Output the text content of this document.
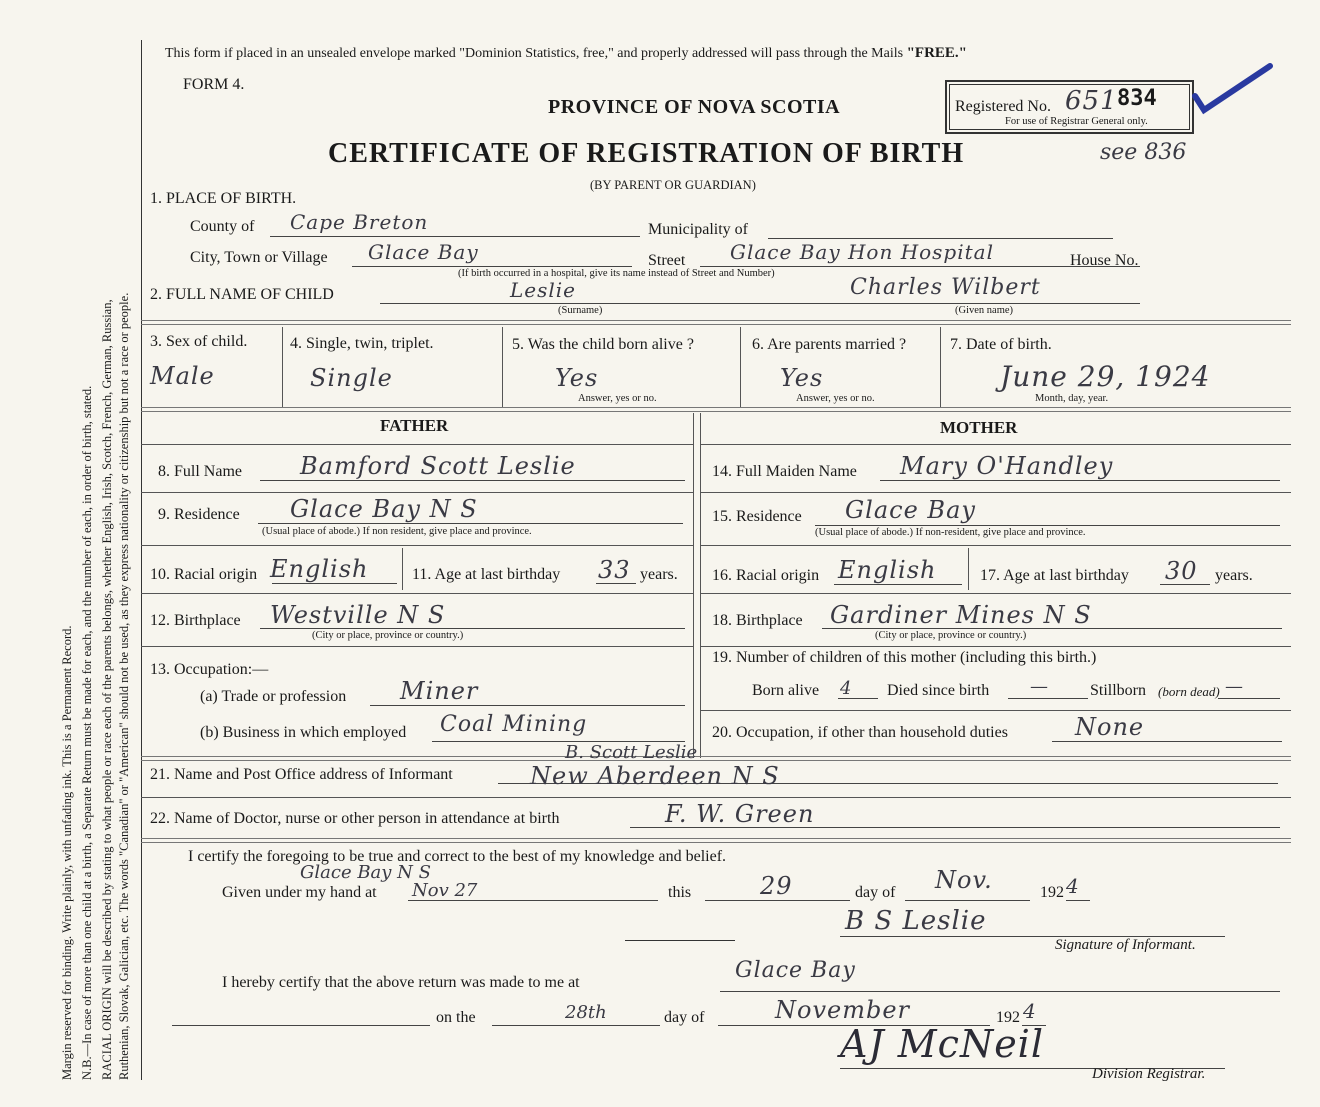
Margin reserved for binding. Write plainly, with unfading ink. This is a Permanent Record. N.B.—In case of more than one child at a birth, a Separate Return must be made for each, and the number of each, in order of birth, stated. RACIAL ORIGIN will be described by stating to what people or race each of the parents belongs, whether English, Irish, Scotch, French, German, Russian, Ruthenian, Slovak, Galician, etc. The words "Canadian" or "American" should not be used, as they express nationality or citizenship but not a race or people.
This form if placed in an unsealed envelope marked "Dominion Statistics, free," and properly addressed will pass through the Mails "FREE."
FORM 4.
PROVINCE OF NOVA SCOTIA	Registered No. 651 834
For use of Registrar General only.
CERTIFICATE OF REGISTRATION OF BIRTH	see 836
(BY PARENT OR GUARDIAN)
1. PLACE OF BIRTH.
County of Cape Breton	Municipality of
City, Town or Village Glace Bay	Street Glace Bay Hon Hospital	House No.
(If birth occurred in a hospital, give its name instead of Street and Number)
2. FULL NAME OF CHILD	Leslie
(Surname)
Charles Wilbert
(Given name)
3. Sex of child.
Male
4. Single, twin, triplet.
Single
5. Was the child born alive ?
Yes
Answer, yes or no.
6. Are parents married ?
Yes
Answer, yes or no.
7. Date of birth.
June 29, 1924
Month, day, year.
FATHER	MOTHER
8. Full Name Bamford Scott Leslie
9. Residence Glace Bay N S
(Usual place of abode.) If non resident, give place and province.
10. Racial origin English	11. Age at last birthday 33 years.
12. Birthplace Westville N S
(City or place, province or country.)
13. Occupation:—
(a) Trade or profession Miner
(b) Business in which employed Coal Mining
14. Full Maiden Name Mary O'Handley
15. Residence Glace Bay
(Usual place of abode.) If non-resident, give place and province.
16. Racial origin English	17. Age at last birthday 30 years.
18. Birthplace Gardiner Mines N S
(City or place, province or country.)
19. Number of children of this mother (including this birth.)
Born alive 4 Died since birth —	Stillborn (born dead) —
20. Occupation, if other than household duties	None
21. Name and Post Office address of Informant
B. Scott Leslie
New Aberdeen N S
22. Name of Doctor, nurse or other person in attendance at birth	F. W. Green
I certify the foregoing to be true and correct to the best of my knowledge and belief.
Given under my hand at
Glace Bay N S
Nov 27	this	29	day of Nov.	192 4
B S Leslie
Signature of Informant.
I hereby certify that the above return was made to me at	Glace Bay
on the	28th	day of	November	192 4
AJ McNeil
Division Registrar.
